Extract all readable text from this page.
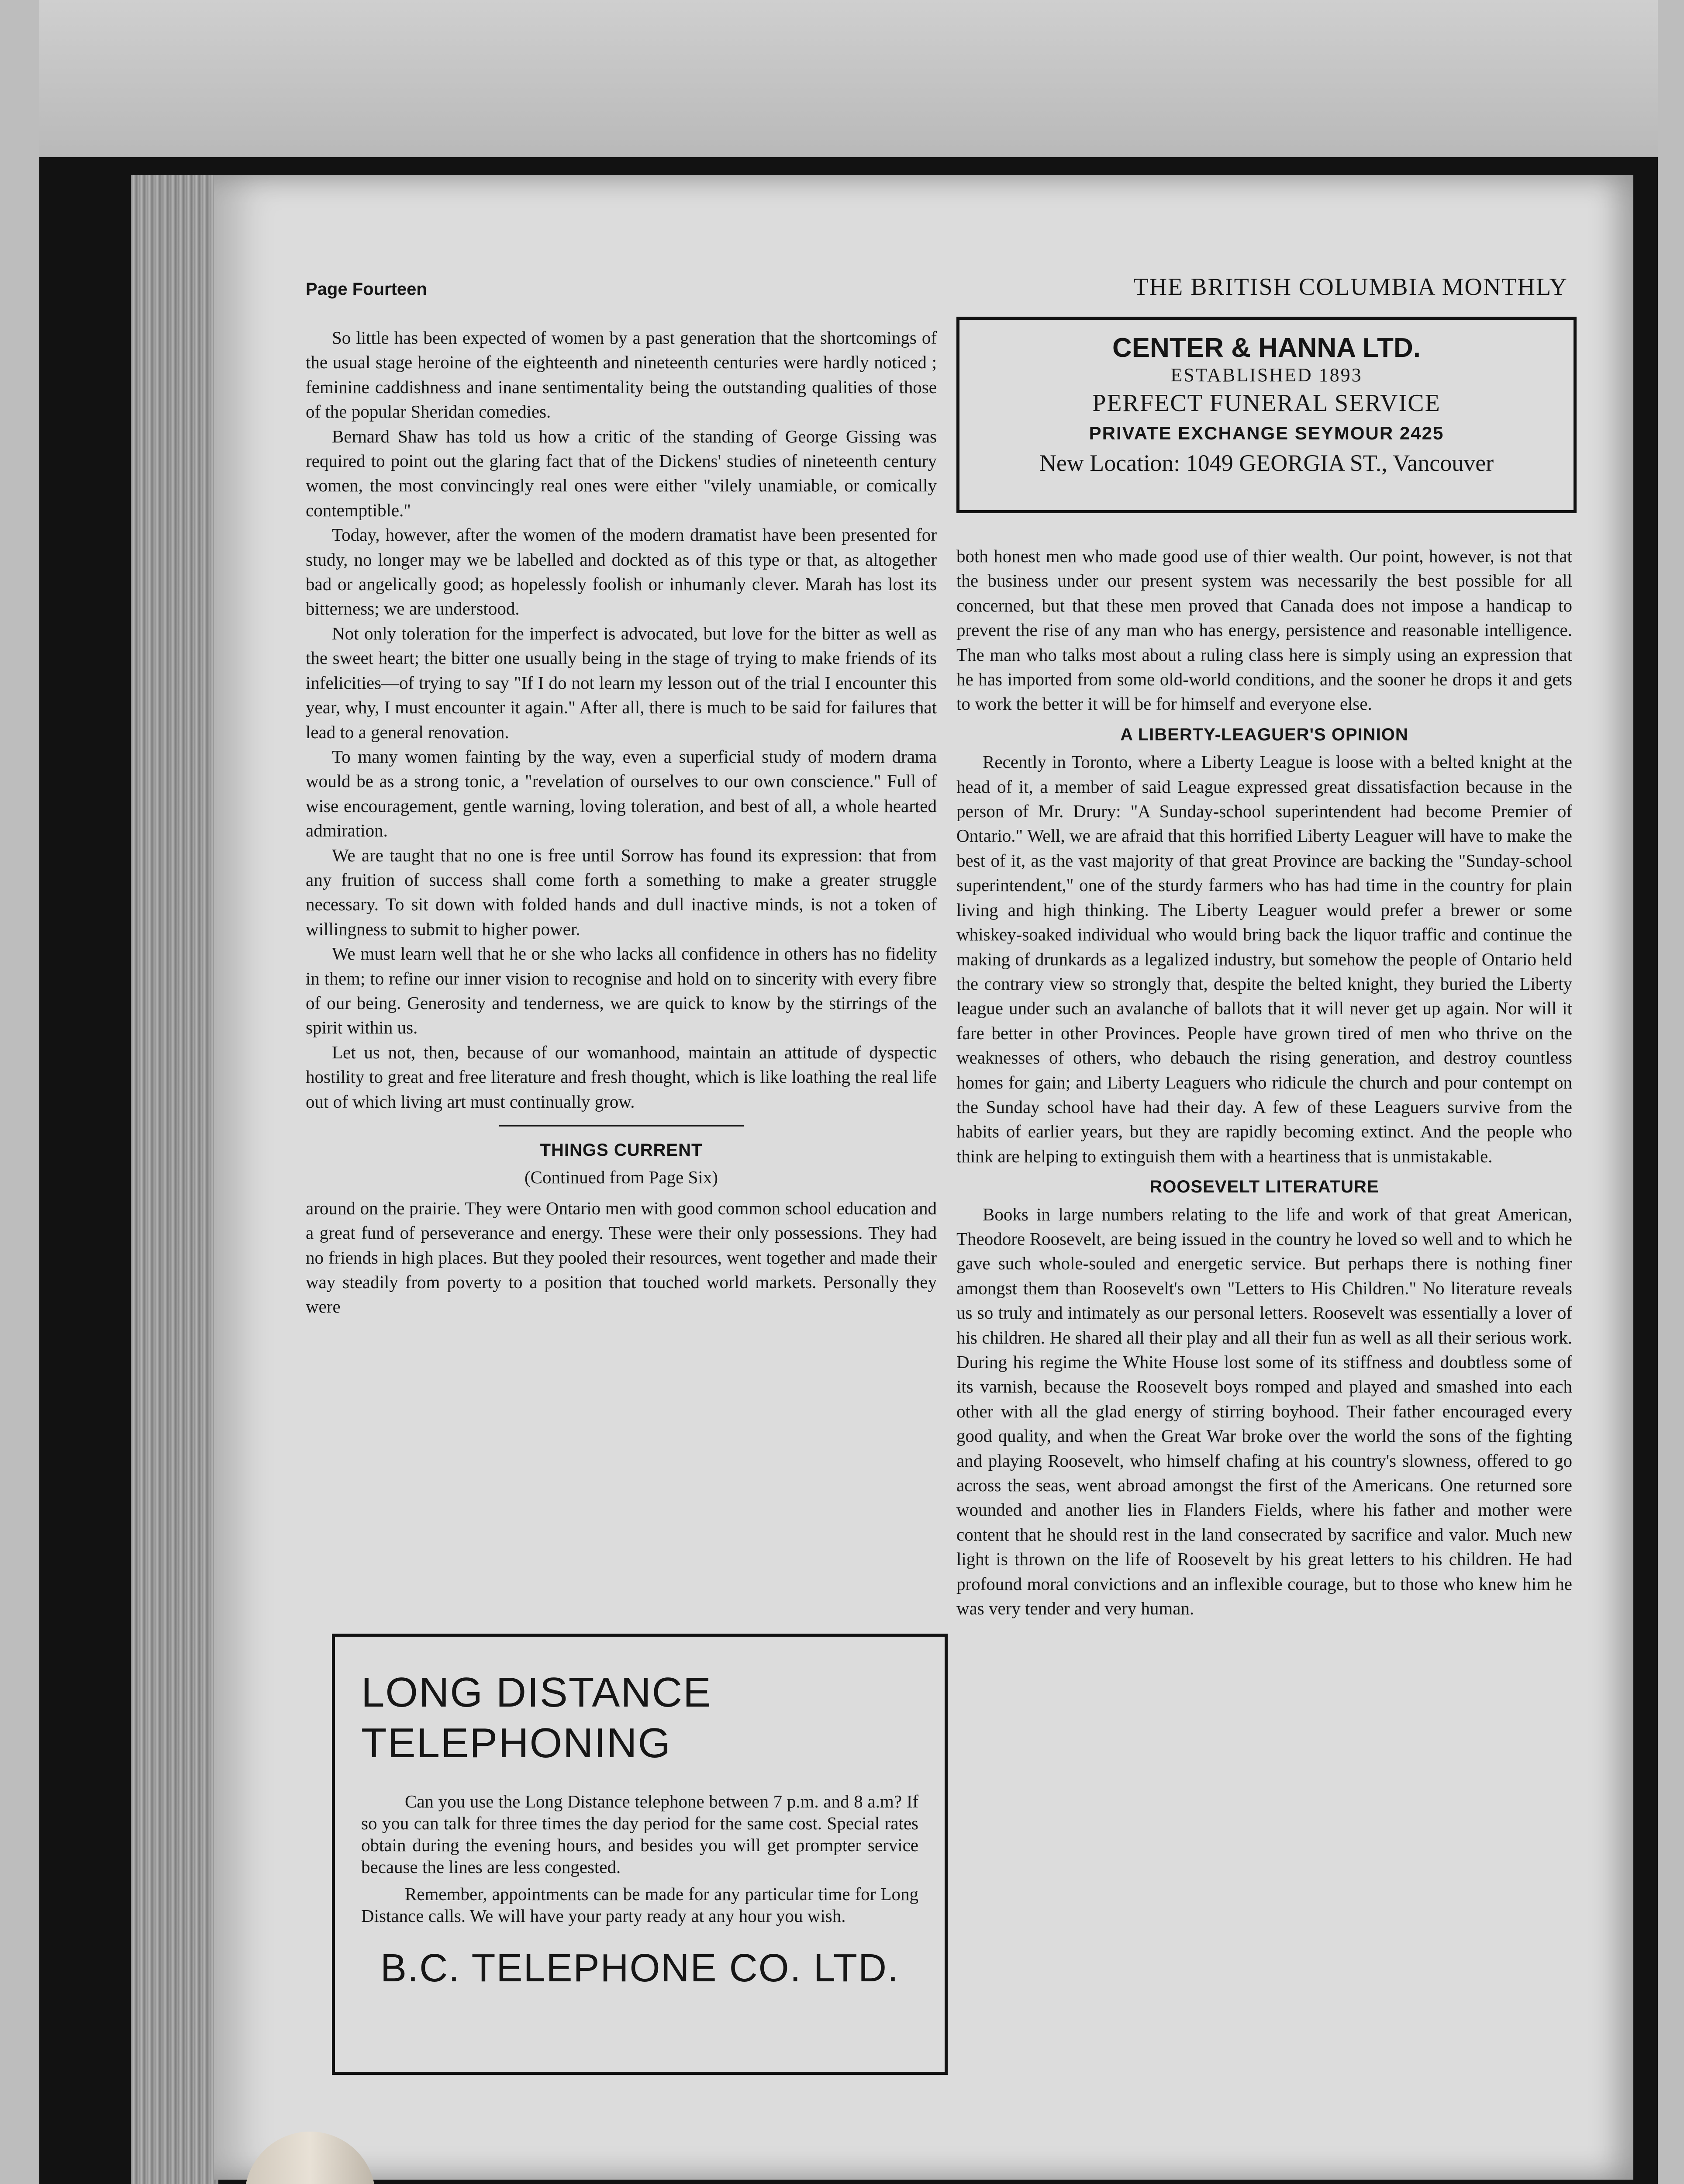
Page Fourteen	THE BRITISH COLUMBIA MONTHLY

So little has been expected of women by a past generation that the shortcomings of the usual stage heroine of the eighteenth and nineteenth centuries were hardly noticed ; feminine caddishness and inane sentimentality being the outstanding qualities of those of the popular Sheridan comedies.

Bernard Shaw has told us how a critic of the standing of George Gissing was required to point out the glaring fact that of the Dickens' studies of nineteenth century women, the most convincingly real ones were either "vilely unamiable, or comically contemptible."

Today, however, after the women of the modern dramatist have been presented for study, no longer may we be labelled and dockted as of this type or that, as altogether bad or angelically good; as hopelessly foolish or inhumanly clever. Marah has lost its bitterness; we are understood.

Not only toleration for the imperfect is advocated, but love for the bitter as well as the sweet heart; the bitter one usually being in the stage of trying to make friends of its infelicities—of trying to say "If I do not learn my lesson out of the trial I encounter this year, why, I must encounter it again." After all, there is much to be said for failures that lead to a general renovation.

To many women fainting by the way, even a superficial study of modern drama would be as a strong tonic, a "revelation of ourselves to our own conscience." Full of wise encouragement, gentle warning, loving toleration, and best of all, a whole hearted admiration.

We are taught that no one is free until Sorrow has found its expression: that from any fruition of success shall come forth a something to make a greater struggle necessary. To sit down with folded hands and dull inactive minds, is not a token of willingness to submit to higher power.

We must learn well that he or she who lacks all confidence in others has no fidelity in them; to refine our inner vision to recognise and hold on to sincerity with every fibre of our being. Generosity and tenderness, we are quick to know by the stirrings of the spirit within us.

Let us not, then, because of our womanhood, maintain an attitude of dyspectic hostility to great and free literature and fresh thought, which is like loathing the real life out of which living art must continually grow.

THINGS CURRENT
(Continued from Page Six)

around on the prairie. They were Ontario men with good common school education and a great fund of perseverance and energy. These were their only possessions. They had no friends in high places. But they pooled their resources, went together and made their way steadily from poverty to a position that touched world markets. Personally they were

CENTER & HANNA LTD.
ESTABLISHED 1893
PERFECT FUNERAL SERVICE
PRIVATE EXCHANGE SEYMOUR 2425
New Location: 1049 GEORGIA ST., Vancouver

both honest men who made good use of thier wealth. Our point, however, is not that the business under our present system was necessarily the best possible for all concerned, but that these men proved that Canada does not impose a handicap to prevent the rise of any man who has energy, persistence and reasonable intelligence. The man who talks most about a ruling class here is simply using an expression that he has imported from some old-world conditions, and the sooner he drops it and gets to work the better it will be for himself and everyone else.

A LIBERTY-LEAGUER'S OPINION

Recently in Toronto, where a Liberty League is loose with a belted knight at the head of it, a member of said League expressed great dissatisfaction because in the person of Mr. Drury: "A Sunday-school superintendent had become Premier of Ontario." Well, we are afraid that this horrified Liberty Leaguer will have to make the best of it, as the vast majority of that great Province are backing the "Sunday-school superintendent," one of the sturdy farmers who has had time in the country for plain living and high thinking. The Liberty Leaguer would prefer a brewer or some whiskey-soaked individual who would bring back the liquor traffic and continue the making of drunkards as a legalized industry, but somehow the people of Ontario held the contrary view so strongly that, despite the belted knight, they buried the Liberty league under such an avalanche of ballots that it will never get up again. Nor will it fare better in other Provinces. People have grown tired of men who thrive on the weaknesses of others, who debauch the rising generation, and destroy countless homes for gain; and Liberty Leaguers who ridicule the church and pour contempt on the Sunday school have had their day. A few of these Leaguers survive from the habits of earlier years, but they are rapidly becoming extinct. And the people who think are helping to extinguish them with a heartiness that is unmistakable.

ROOSEVELT LITERATURE

Books in large numbers relating to the life and work of that great American, Theodore Roosevelt, are being issued in the country he loved so well and to which he gave such whole-souled and energetic service. But perhaps there is nothing finer amongst them than Roosevelt's own "Letters to His Children." No literature reveals us so truly and intimately as our personal letters. Roosevelt was essentially a lover of his children. He shared all their play and all their fun as well as all their serious work. During his regime the White House lost some of its stiffness and doubtless some of its varnish, because the Roosevelt boys romped and played and smashed into each other with all the glad energy of stirring boyhood. Their father encouraged every good quality, and when the Great War broke over the world the sons of the fighting and playing Roosevelt, who himself chafing at his country's slowness, offered to go across the seas, went abroad amongst the first of the Americans. One returned sore wounded and another lies in Flanders Fields, where his father and mother were content that he should rest in the land consecrated by sacrifice and valor. Much new light is thrown on the life of Roosevelt by his great letters to his children. He had profound moral convictions and an inflexible courage, but to those who knew him he was very tender and very human.

LONG DISTANCE
TELEPHONING

Can you use the Long Distance telephone between 7 p.m. and 8 a.m? If so you can talk for three times the day period for the same cost. Special rates obtain during the evening hours, and besides you will get prompter service because the lines are less congested.

Remember, appointments can be made for any particular time for Long Distance calls. We will have your party ready at any hour you wish.

B.C. TELEPHONE CO. LTD.
